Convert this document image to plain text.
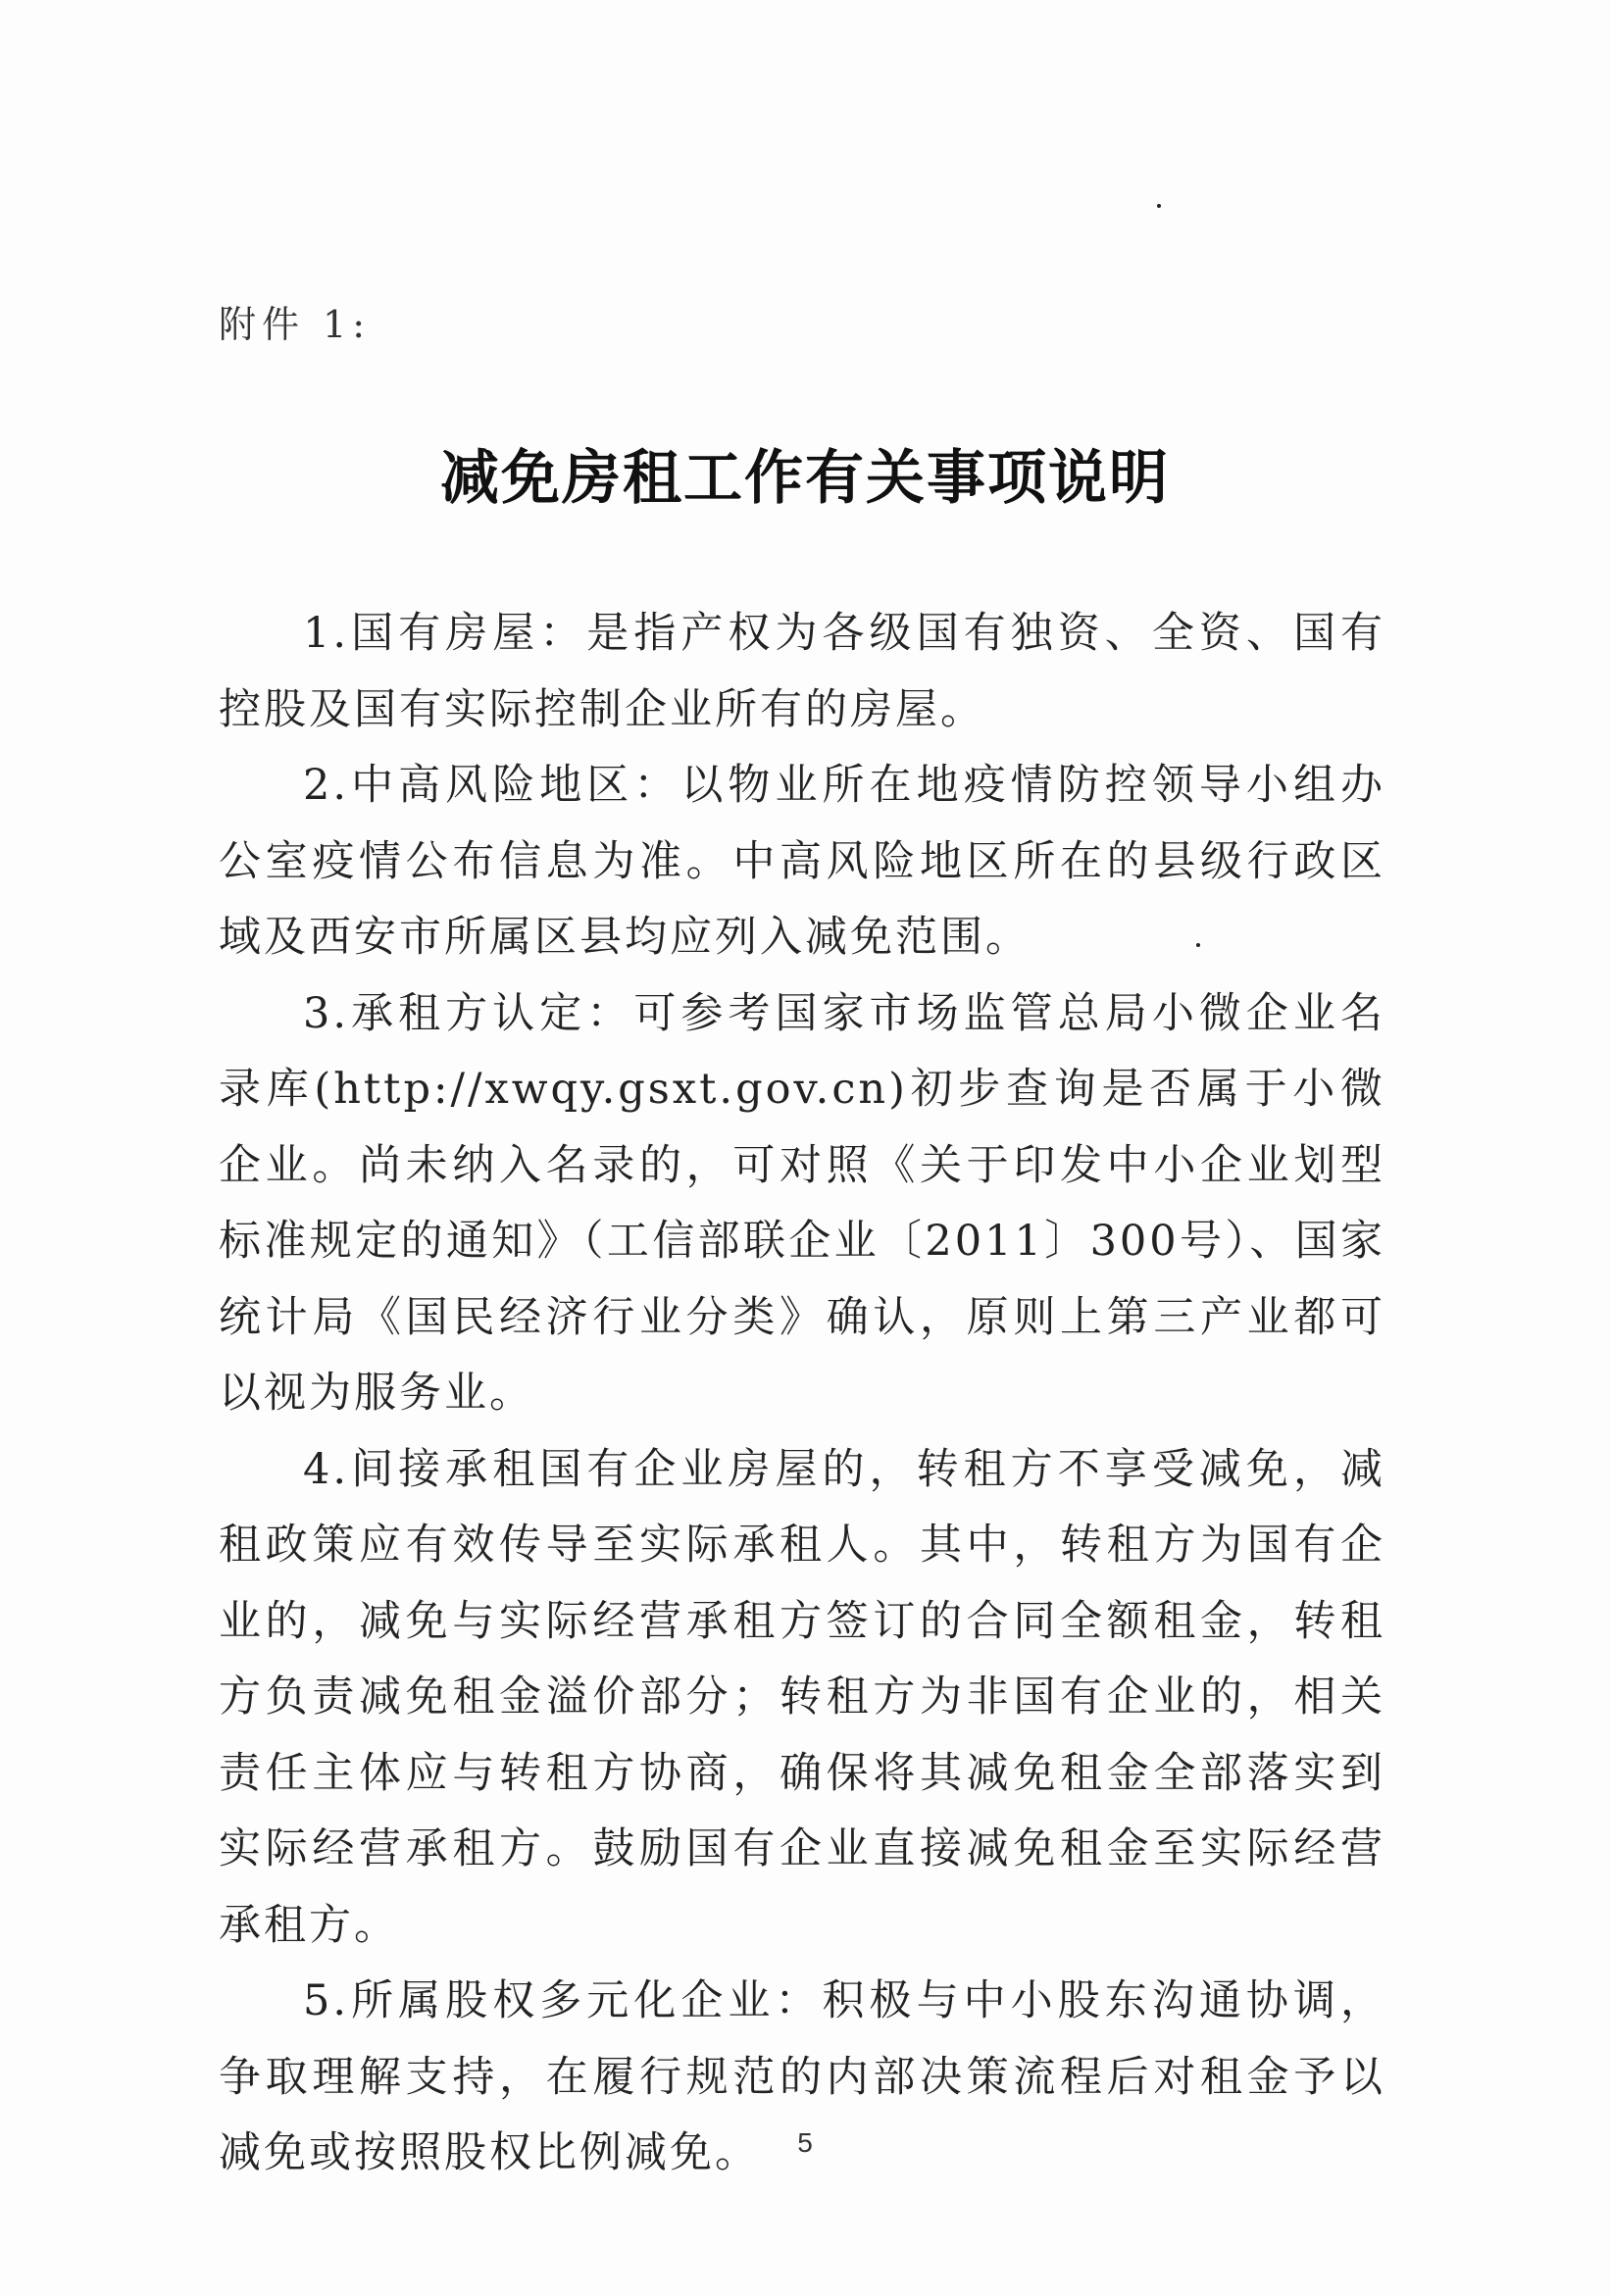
附件 1:
减免房租工作有关事项说明

1.国有房屋：是指产权为各级国有独资、全资、国有控股及国有实际控制企业所有的房屋。

2.中高风险地区：以物业所在地疫情防控领导小组办公室疫情公布信息为准。中高风险地区所在的县级行政区域及西安市所属区县均应列入减免范围。

3.承租方认定：可参考国家市场监管总局小微企业名录库(http://xwqy.gsxt.gov.cn)初步查询是否属于小微企业。尚未纳入名录的，可对照《关于印发中小企业划型标准规定的通知》（工信部联企业〔2011〕300号）、国家统计局《国民经济行业分类》确认，原则上第三产业都可以视为服务业。

4.间接承租国有企业房屋的，转租方不享受减免，减租政策应有效传导至实际承租人。其中，转租方为国有企业的，减免与实际经营承租方签订的合同全额租金，转租方负责减免租金溢价部分；转租方为非国有企业的，相关责任主体应与转租方协商，确保将其减免租金全部落实到实际经营承租方。鼓励国有企业直接减免租金至实际经营承租方。

5.所属股权多元化企业：积极与中小股东沟通协调，争取理解支持，在履行规范的内部决策流程后对租金予以减免或按照股权比例减免。	5
